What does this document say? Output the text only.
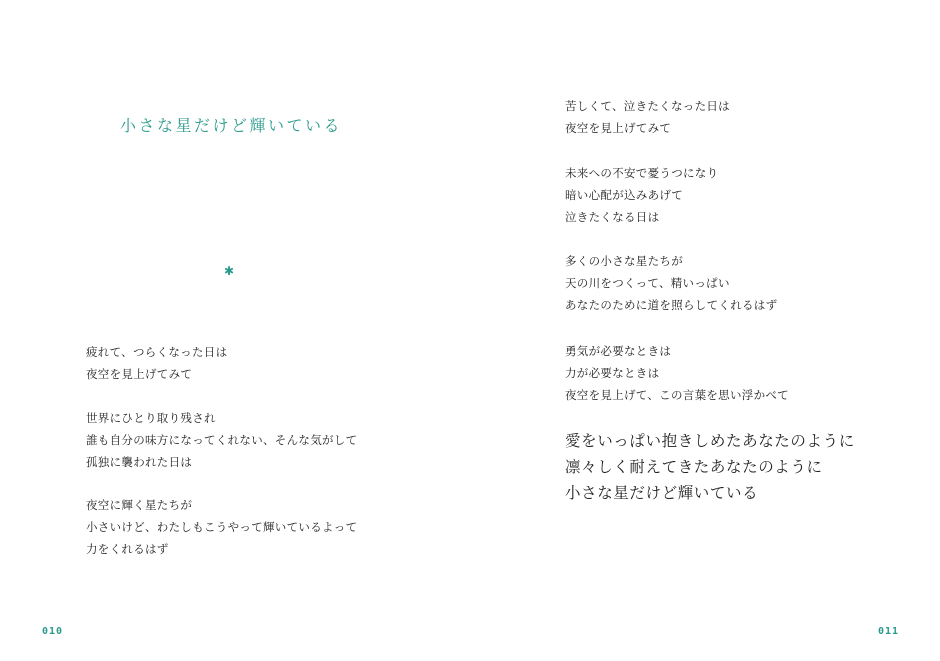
小さな星だけど輝いている
✱
疲れて、つらくなった日は
夜空を見上げてみて
世界にひとり取り残され
誰も自分の味方になってくれない、そんな気がして
孤独に襲われた日は
夜空に輝く星たちが
小さいけど、わたしもこうやって輝いているよって
力をくれるはず
010
苦しくて、泣きたくなった日は
夜空を見上げてみて
未来への不安で憂うつになり
暗い心配が込みあげて
泣きたくなる日は
多くの小さな星たちが
天の川をつくって、精いっぱい
あなたのために道を照らしてくれるはず
勇気が必要なときは
力が必要なときは
夜空を見上げて、この言葉を思い浮かべて
愛をいっぱい抱きしめたあなたのように
凛々しく耐えてきたあなたのように
小さな星だけど輝いている
011
